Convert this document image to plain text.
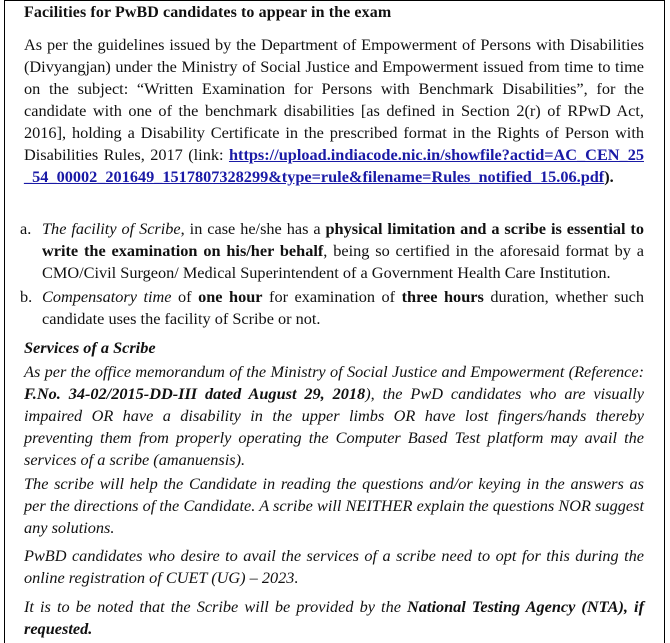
Facilities for PwBD candidates to appear in the exam
As per the guidelines issued by the Department of Empowerment of Persons with Disabilities (Divyangjan) under the Ministry of Social Justice and Empowerment issued from time to time on the subject: “Written Examination for Persons with Benchmark Disabilities”, for the candidate with one of the benchmark disabilities [as defined in Section 2(r) of RPwD Act, 2016], holding a Disability Certificate in the prescribed format in the Rights of Person with Disabilities Rules, 2017 (link: https://upload.indiacode.nic.in/showfile?actid=AC_CEN_25_54_00002_201649_1517807328299&type=rule&filename=Rules_notified_15.06.pdf).
a. The facility of Scribe, in case he/she has a physical limitation and a scribe is essential to write the examination on his/her behalf, being so certified in the aforesaid format by a CMO/Civil Surgeon/ Medical Superintendent of a Government Health Care Institution.
b. Compensatory time of one hour for examination of three hours duration, whether such candidate uses the facility of Scribe or not.
Services of a Scribe
As per the office memorandum of the Ministry of Social Justice and Empowerment (Reference: F.No. 34-02/2015-DD-III dated August 29, 2018), the PwD candidates who are visually impaired OR have a disability in the upper limbs OR have lost fingers/hands thereby preventing them from properly operating the Computer Based Test platform may avail the services of a scribe (amanuensis).
The scribe will help the Candidate in reading the questions and/or keying in the answers as per the directions of the Candidate. A scribe will NEITHER explain the questions NOR suggest any solutions.
PwBD candidates who desire to avail the services of a scribe need to opt for this during the online registration of CUET (UG) – 2023.
It is to be noted that the Scribe will be provided by the National Testing Agency (NTA), if requested.
